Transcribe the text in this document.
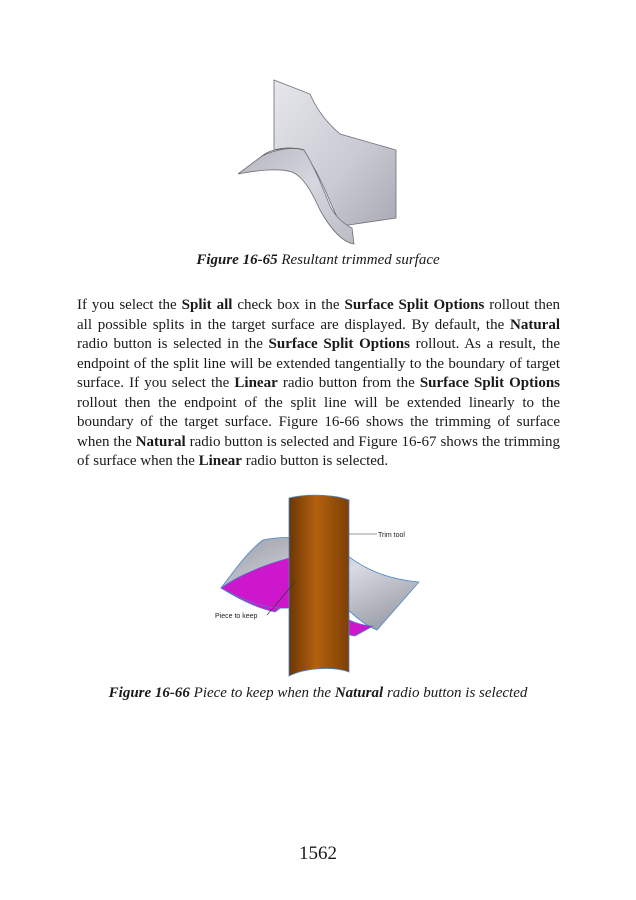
Figure 16-65 Resultant trimmed surface

If you select the Split all check box in the Surface Split Options rollout then all possible splits in the target surface are displayed. By default, the Natural radio button is selected in the Surface Split Options rollout. As a result, the endpoint of the split line will be extended tangentially to the boundary of target surface. If you select the Linear radio button from the Surface Split Options rollout then the endpoint of the split line will be extended linearly to the boundary of the target surface. Figure 16-66 shows the trimming of surface when the Natural radio button is selected and Figure 16-67 shows the trimming of surface when the Linear radio button is selected.

Trim tool
Piece to keep
Figure 16-66 Piece to keep when the Natural radio button is selected
1562
